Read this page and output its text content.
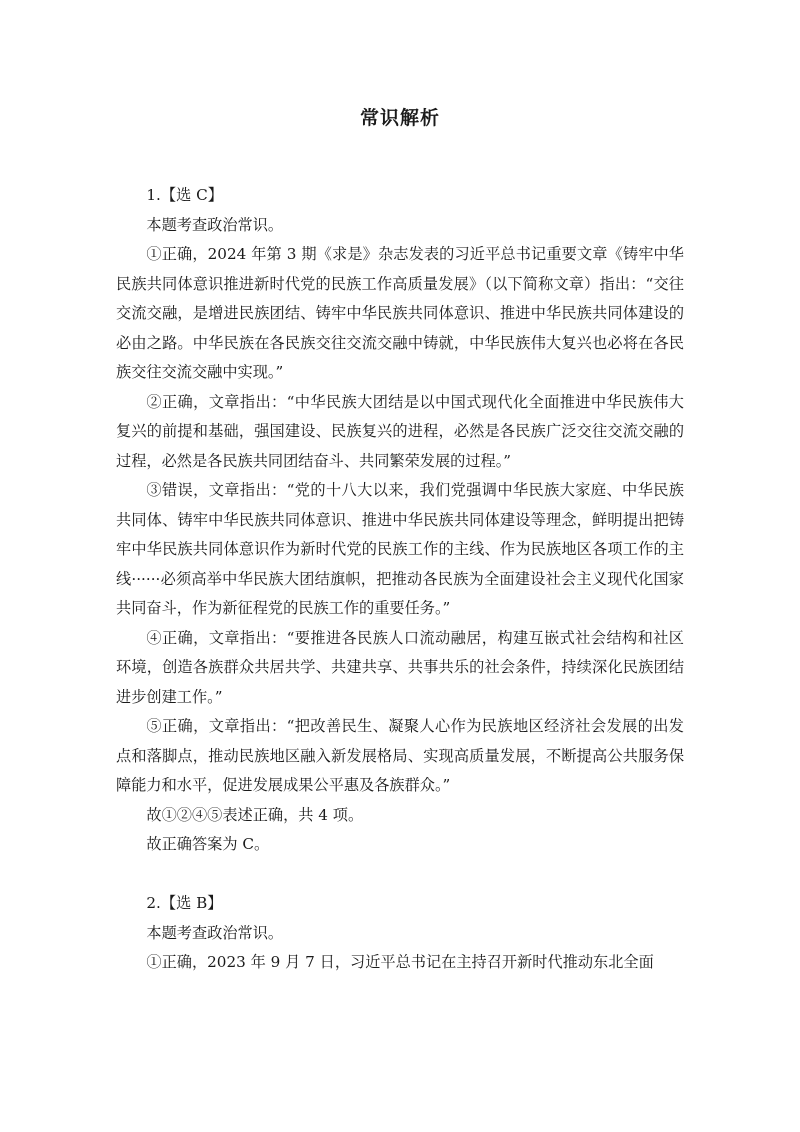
常识解析

1.【选 C】

本题考查政治常识。

①正确，2024 年第 3 期《求是》杂志发表的习近平总书记重要文章《铸牢中华民族共同体意识推进新时代党的民族工作高质量发展》（以下简称文章）指出：“交往交流交融，是增进民族团结、铸牢中华民族共同体意识、推进中华民族共同体建设的必由之路。中华民族在各民族交往交流交融中铸就，中华民族伟大复兴也必将在各民族交往交流交融中实现。”

②正确，文章指出：“中华民族大团结是以中国式现代化全面推进中华民族伟大复兴的前提和基础，强国建设、民族复兴的进程，必然是各民族广泛交往交流交融的过程，必然是各民族共同团结奋斗、共同繁荣发展的过程。”

③错误，文章指出：“党的十八大以来，我们党强调中华民族大家庭、中华民族共同体、铸牢中华民族共同体意识、推进中华民族共同体建设等理念，鲜明提出把铸牢中华民族共同体意识作为新时代党的民族工作的主线、作为民族地区各项工作的主线······必须高举中华民族大团结旗帜，把推动各民族为全面建设社会主义现代化国家共同奋斗，作为新征程党的民族工作的重要任务。”

④正确，文章指出：“要推进各民族人口流动融居，构建互嵌式社会结构和社区环境，创造各族群众共居共学、共建共享、共事共乐的社会条件，持续深化民族团结进步创建工作。”

⑤正确，文章指出：“把改善民生、凝聚人心作为民族地区经济社会发展的出发点和落脚点，推动民族地区融入新发展格局、实现高质量发展，不断提高公共服务保障能力和水平，促进发展成果公平惠及各族群众。”

故①②④⑤表述正确，共 4 项。

故正确答案为 C。

2.【选 B】

本题考查政治常识。

①正确，2023 年 9 月 7 日，习近平总书记在主持召开新时代推动东北全面
